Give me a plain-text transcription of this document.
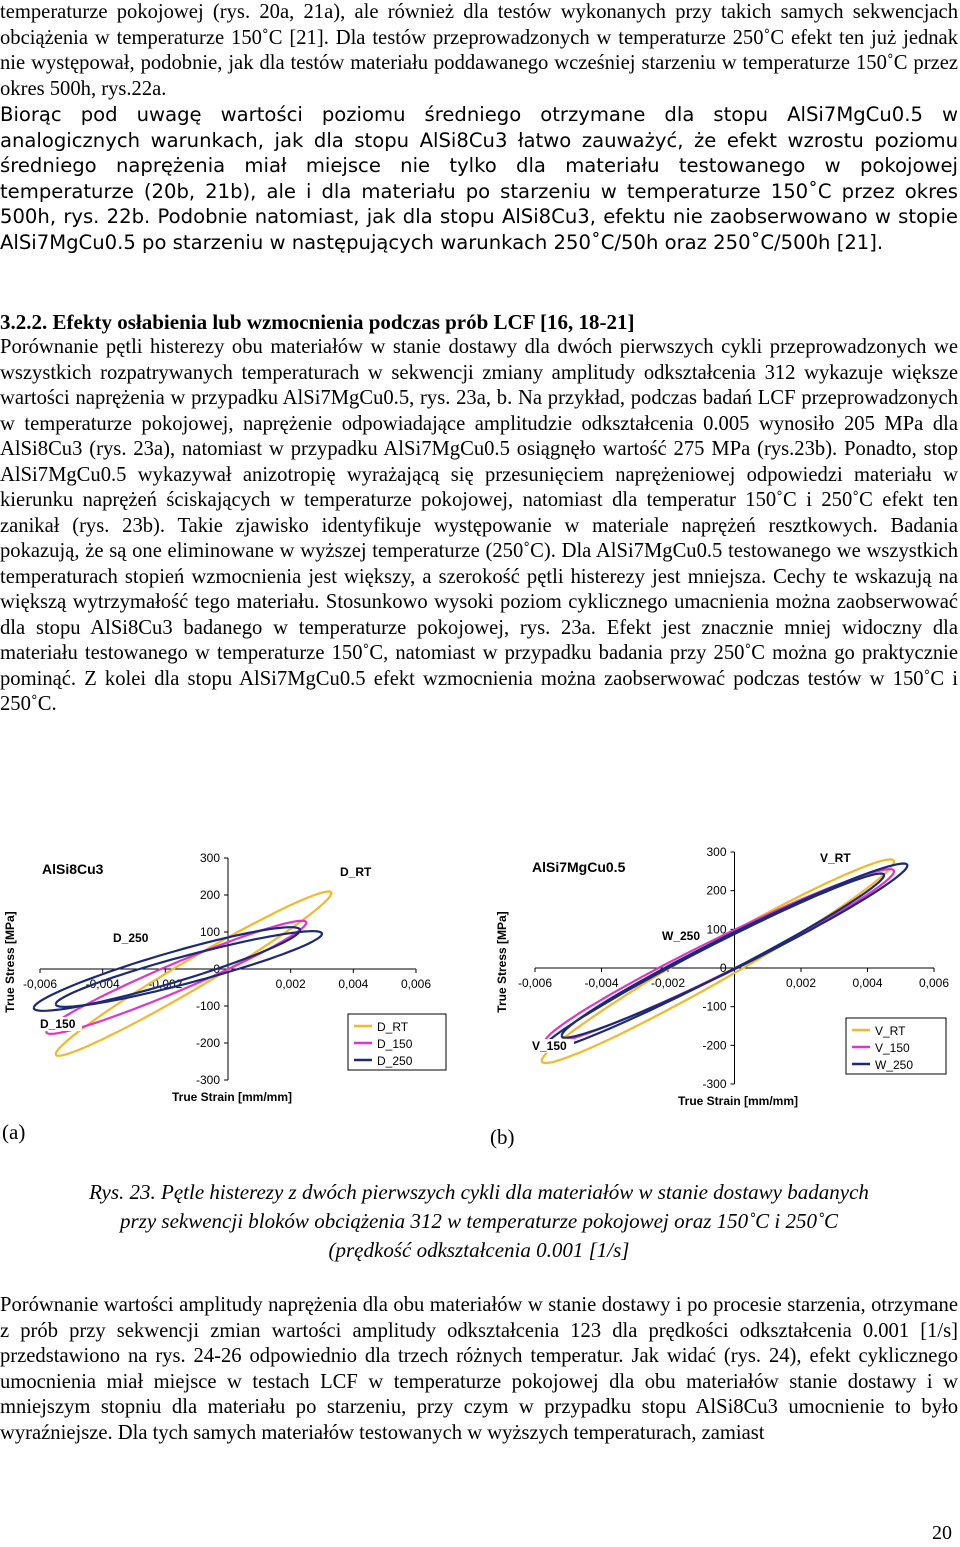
temperaturze pokojowej (rys. 20a, 21a), ale również dla testów wykonanych przy takich samych sekwencjach obciążenia w temperaturze 150˚C [21]. Dla testów przeprowadzonych w temperaturze 250˚C efekt ten już jednak nie występował, podobnie, jak dla testów materiału poddawanego wcześniej starzeniu w temperaturze 150˚C przez okres 500h, rys.22a.

Biorąc pod uwagę wartości poziomu średniego otrzymane dla stopu AlSi7MgCu0.5 w analogicznych warunkach, jak dla stopu AlSi8Cu3 łatwo zauważyć, że efekt wzrostu poziomu średniego naprężenia miał miejsce nie tylko dla materiału testowanego w pokojowej temperaturze (20b, 21b), ale i dla materiału po starzeniu w temperaturze 150˚C przez okres 500h, rys. 22b. Podobnie natomiast, jak dla stopu AlSi8Cu3, efektu nie zaobserwowano w stopie AlSi7MgCu0.5 po starzeniu w następujących warunkach 250˚C/50h oraz 250˚C/500h [21].

3.2.2. Efekty osłabienia lub wzmocnienia podczas prób LCF [16, 18-21]

Porównanie pętli histerezy obu materiałów w stanie dostawy dla dwóch pierwszych cykli przeprowadzonych we wszystkich rozpatrywanych temperaturach w sekwencji zmiany amplitudy odkształcenia 312 wykazuje większe wartości naprężenia w przypadku AlSi7MgCu0.5, rys. 23a, b. Na przykład, podczas badań LCF przeprowadzonych w temperaturze pokojowej, naprężenie odpowiadające amplitudzie odkształcenia 0.005 wynosiło 205 MPa dla AlSi8Cu3 (rys. 23a), natomiast w przypadku AlSi7MgCu0.5 osiągnęło wartość 275 MPa (rys.23b). Ponadto, stop AlSi7MgCu0.5 wykazywał anizotropię wyrażającą się przesunięciem naprężeniowej odpowiedzi materiału w kierunku naprężeń ściskających w temperaturze pokojowej, natomiast dla temperatur 150˚C i 250˚C efekt ten zanikał (rys. 23b). Takie zjawisko identyfikuje występowanie w materiale naprężeń resztkowych. Badania pokazują, że są one eliminowane w wyższej temperaturze (250˚C). Dla AlSi7MgCu0.5 testowanego we wszystkich temperaturach stopień wzmocnienia jest większy, a szerokość pętli histerezy jest mniejsza. Cechy te wskazują na większą wytrzymałość tego materiału. Stosunkowo wysoki poziom cyklicznego umacnienia można zaobserwować dla stopu AlSi8Cu3 badanego w temperaturze pokojowej, rys. 23a. Efekt jest znacznie mniej widoczny dla materiału testowanego w temperaturze 150˚C, natomiast w przypadku badania przy 250˚C można go praktycznie pominąć. Z kolei dla stopu AlSi7MgCu0.5 efekt wzmocnienia można zaobserwować podczas testów w 150˚C i 250˚C.

-0,006 -0,004 -0,002	0,002	0,004	0,006
300
200
100
0
-100
-200
-300
AlSi8Cu3
True Strain [mm/mm]
True Stress [MPa]
D_RT
D_250
D_150	D_RT
D_150
D_250
-0,006	-0,004	-0,002	0,002	0,004	0,006
300
200
100
0
-100
-200
-300
AlSi7MgCu0.5
True Strain [mm/mm]
True Stress [MPa]
V_RT
W_250
V_150
V_RT
V_150
W_250
(a)	(b)
Rys. 23. Pętle histerezy z dwóch pierwszych cykli dla materiałów w stanie dostawy badanych
przy sekwencji bloków obciążenia 312 w temperaturze pokojowej oraz 150˚C i 250˚C
(prędkość odkształcenia 0.001 [1/s]

Porównanie wartości amplitudy naprężenia dla obu materiałów w stanie dostawy i po procesie starzenia, otrzymane z prób przy sekwencji zmian wartości amplitudy odkształcenia 123 dla prędkości odkształcenia 0.001 [1/s] przedstawiono na rys. 24-26 odpowiednio dla trzech różnych temperatur. Jak widać (rys. 24), efekt cyklicznego umocnienia miał miejsce w testach LCF w temperaturze pokojowej dla obu materiałów stanie dostawy i w mniejszym stopniu dla materiału po starzeniu, przy czym w przypadku stopu AlSi8Cu3 umocnienie to było wyraźniejsze. Dla tych samych materiałów testowanych w wyższych temperaturach, zamiast

20
